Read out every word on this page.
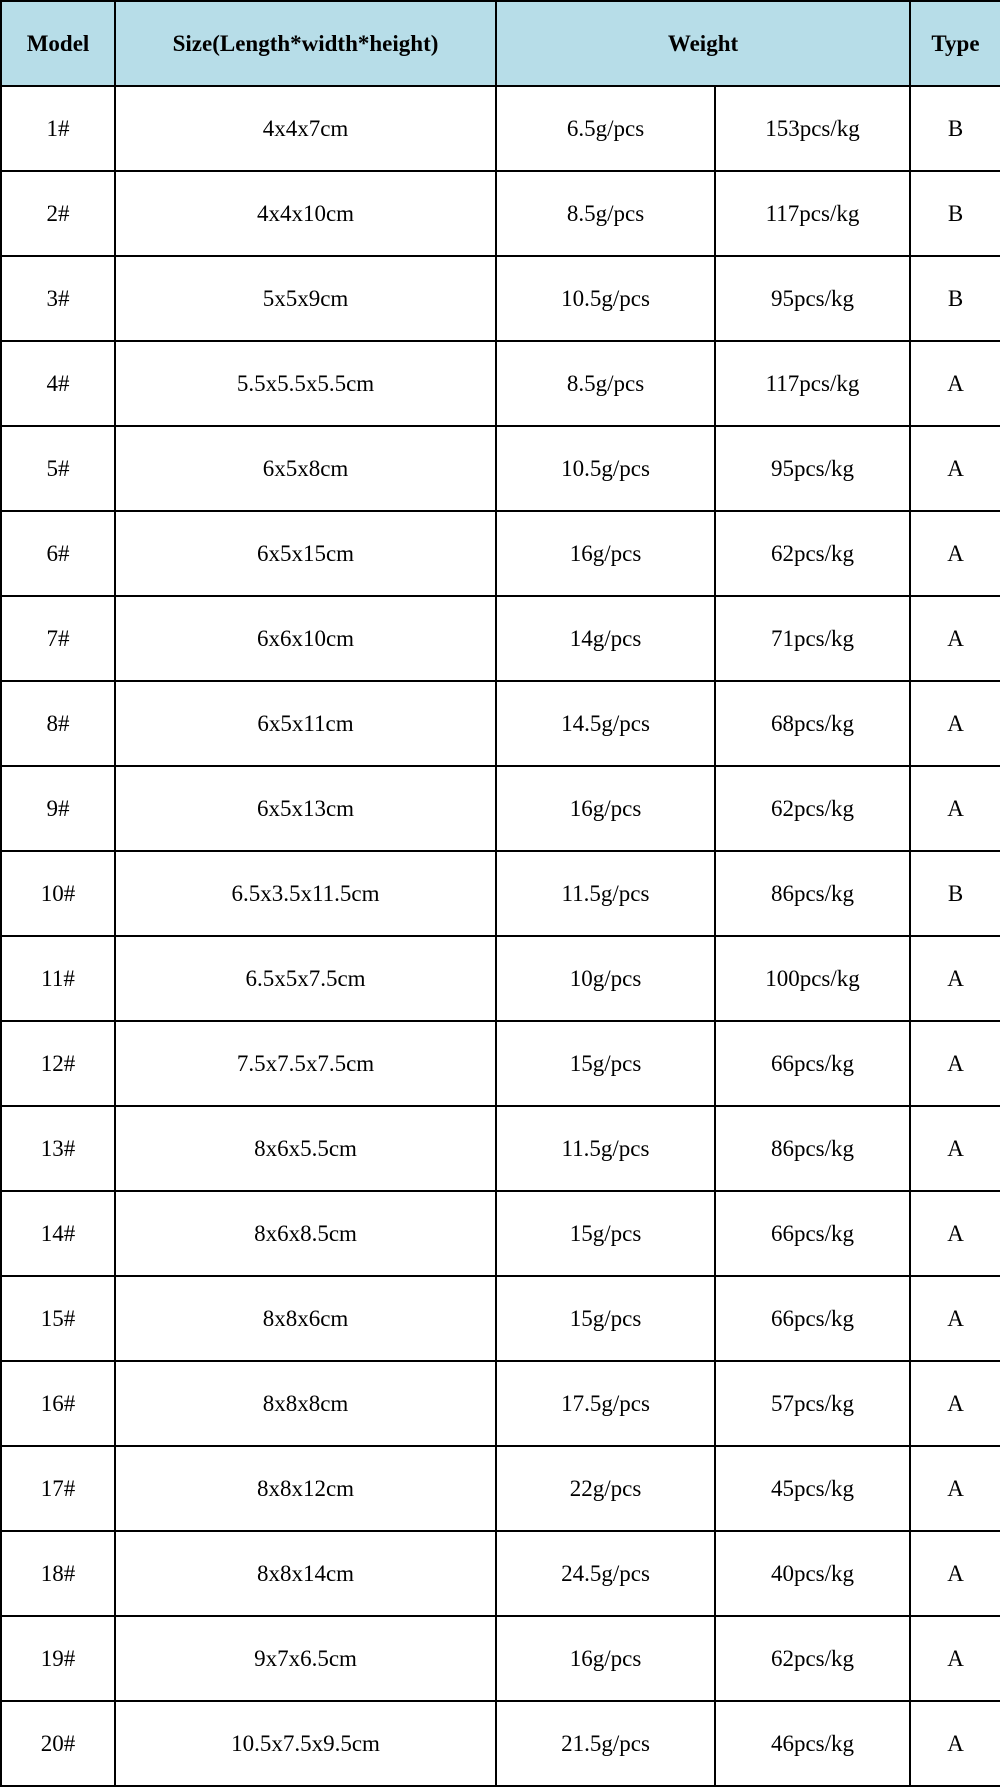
Model	Size(Length*width*height)	Weight		Type
1#	4x4x7cm	6.5g/pcs	153pcs/kg	B
2#	4x4x10cm	8.5g/pcs	117pcs/kg	B
3#	5x5x9cm	10.5g/pcs	95pcs/kg	B
4#	5.5x5.5x5.5cm	8.5g/pcs	117pcs/kg	A
5#	6x5x8cm	10.5g/pcs	95pcs/kg	A
6#	6x5x15cm	16g/pcs	62pcs/kg	A
7#	6x6x10cm	14g/pcs	71pcs/kg	A
8#	6x5x11cm	14.5g/pcs	68pcs/kg	A
9#	6x5x13cm	16g/pcs	62pcs/kg	A
10#	6.5x3.5x11.5cm	11.5g/pcs	86pcs/kg	B
11#	6.5x5x7.5cm	10g/pcs	100pcs/kg	A
12#	7.5x7.5x7.5cm	15g/pcs	66pcs/kg	A
13#	8x6x5.5cm	11.5g/pcs	86pcs/kg	A
14#	8x6x8.5cm	15g/pcs	66pcs/kg	A
15#	8x8x6cm	15g/pcs	66pcs/kg	A
16#	8x8x8cm	17.5g/pcs	57pcs/kg	A
17#	8x8x12cm	22g/pcs	45pcs/kg	A
18#	8x8x14cm	24.5g/pcs	40pcs/kg	A
19#	9x7x6.5cm	16g/pcs	62pcs/kg	A
20#	10.5x7.5x9.5cm	21.5g/pcs	46pcs/kg	A
